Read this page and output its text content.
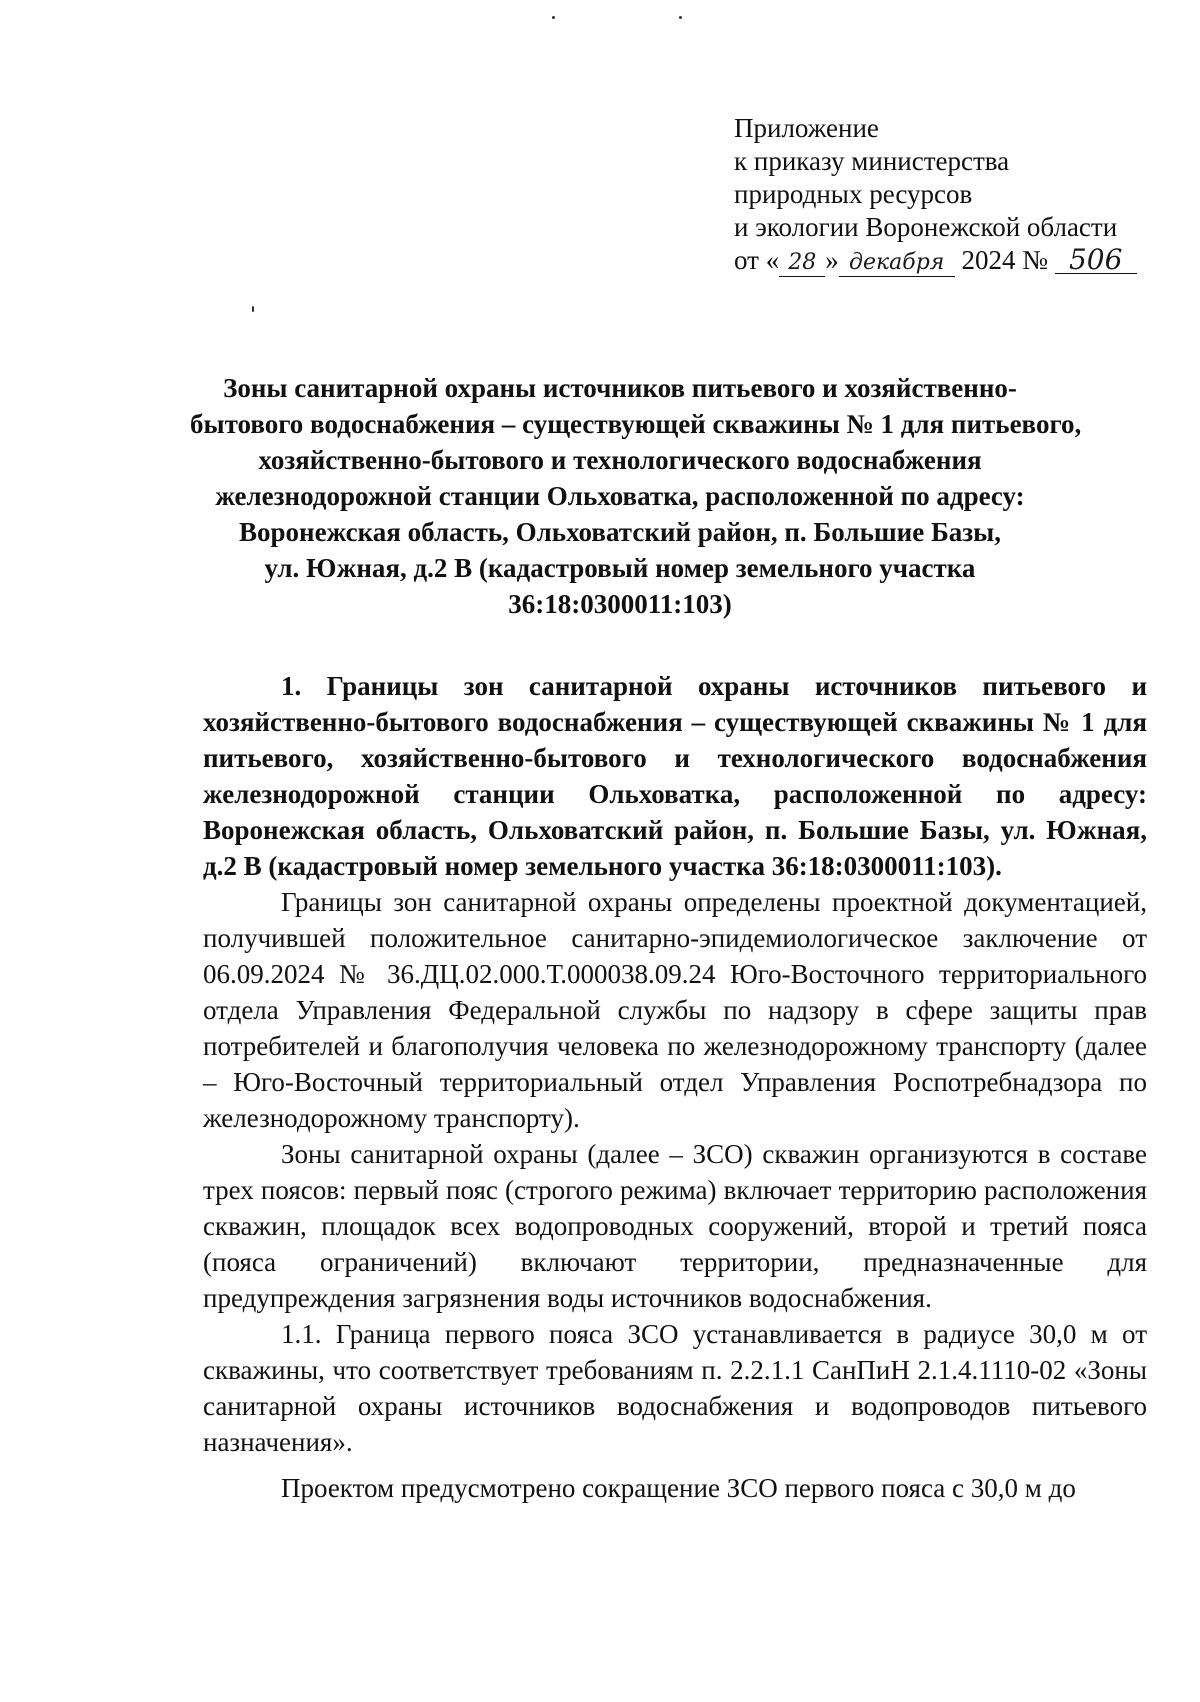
Приложение
к приказу министерства
природных ресурсов
и экологии Воронежской области
от « 28 » декабря 2024 № 506
Зоны санитарной охраны источников питьевого и хозяйственно-
бытового водоснабжения – существующей скважины № 1 для питьевого,
хозяйственно-бытового и технологического водоснабжения
железнодорожной станции Ольховатка, расположенной по адресу:
Воронежская область, Ольховатский район, п. Большие Базы,
ул. Южная, д.2 В (кадастровый номер земельного участка
36:18:0300011:103)

1. Границы зон санитарной охраны источников питьевого и хозяйственно-бытового водоснабжения – существующей скважины № 1 для питьевого, хозяйственно-бытового и технологического водоснабжения железнодорожной станции Ольховатка, расположенной по адресу: Воронежская область, Ольховатский район, п. Большие Базы, ул. Южная, д.2 В (кадастровый номер земельного участка 36:18:0300011:103).

Границы зон санитарной охраны определены проектной документацией, получившей положительное санитарно-эпидемиологическое заключение от 06.09.2024 № 36.ДЦ.02.000.Т.000038.09.24 Юго-Восточного территориального отдела Управления Федеральной службы по надзору в сфере защиты прав потребителей и благополучия человека по железнодорожному транспорту (далее – Юго-Восточный территориальный отдел Управления Роспотребнадзора по железнодорожному транспорту).

Зоны санитарной охраны (далее – ЗСО) скважин организуются в составе трех поясов: первый пояс (строгого режима) включает территорию расположения скважин, площадок всех водопроводных сооружений, второй и третий пояса (пояса ограничений) включают территории, предназначенные для предупреждения загрязнения воды источников водоснабжения.

1.1. Граница первого пояса ЗСО устанавливается в радиусе 30,0 м от скважины, что соответствует требованиям п. 2.2.1.1 СанПиН 2.1.4.1110-02 «Зоны санитарной охраны источников водоснабжения и водопроводов питьевого назначения».

Проектом предусмотрено сокращение ЗСО первого пояса с 30,0 м до
